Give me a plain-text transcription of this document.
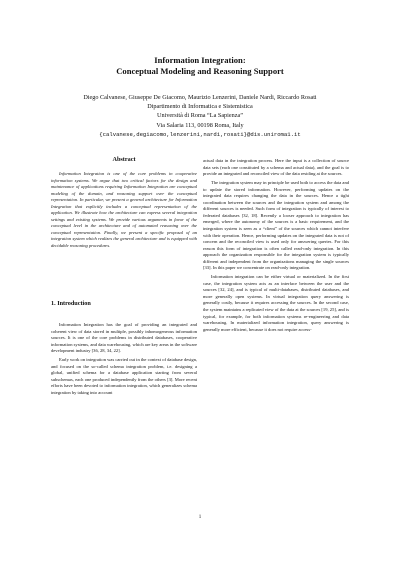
Information Integration:
Conceptual Modeling and Reasoning Support
Diego Calvanese, Giuseppe De Giacomo, Maurizio Lenzerini, Daniele Nardi, Riccardo Rosati
Dipartimento di Informatica e Sistemistica
Università di Roma “La Sapienza”
Via Salaria 113, 00198 Roma, Italy
{calvanese,degiacomo,lenzerini,nardi,rosati}@dis.uniroma1.it
Abstract

Information Integration is one of the core problems in cooperative information systems. We argue that two critical factors for the design and maintenance of applications requiring Information Integration are conceptual modeling of the domain, and reasoning support over the conceptual representation. In particular, we present a general architecture for Information Integration that explicitly includes a conceptual representation of the application. We illustrate how the architecture can express several integration settings and existing systems. We provide various arguments in favor of the conceptual level in the architecture and of automated reasoning over the conceptual representation. Finally, we present a specific proposal of an integration system which realizes the general architecture and is equipped with decidable reasoning procedures.

1. Introduction

Information Integration has the goal of providing an integrated and coherent view of data stored in multiple, possibly inhomogeneous information sources. It is one of the core problems in distributed databases, cooperative information systems, and data warehousing, which are key areas in the software development industry [36, 28, 34, 22].

Early work on integration was carried out in the context of database design, and focused on the so-called schema integration problem, i.e. designing a global, unified schema for a database application starting from several subschemas, each one produced independently from the others [3]. More recent efforts have been devoted to information integration, which generalizes schema integration by taking into account

actual data in the integration process. Here the input is a collection of source data sets (each one constituted by a schema and actual data), and the goal is to provide an integrated and reconciled view of the data residing at the sources.

The integration system may in principle be used both to access the data and to update the stored information. However, performing updates on the integrated data requires changing the data in the sources. Hence a tight coordination between the sources and the integration system and among the different sources is needed. Such form of integration is typically of interest to federated databases [32, 18]. Recently a looser approach to integration has emerged, where the autonomy of the sources is a basic requirement, and the integration system is seen as a “client” of the sources which cannot interfere with their operation. Hence, performing updates on the integrated data is not of concern and the reconciled view is used only for answering queries. For this reason this form of integration is often called read-only integration. In this approach the organization responsible for the integration system is typically different and independent from the organizations managing the single sources [33]. In this paper we concentrate on read-only integration.

Information integration can be either virtual or materialized. In the first case, the integration system acts as an interface between the user and the sources [32, 24], and is typical of multi-databases, distributed databases, and more generally open systems. In virtual integration query answering is generally costly, because it requires accessing the sources. In the second case, the system maintains a replicated view of the data at the sources [19, 25], and is typical, for example, for both information systems re-engineering and data warehousing. In materialized information integration, query answering is generally more efficient, because it does not require access-

1
